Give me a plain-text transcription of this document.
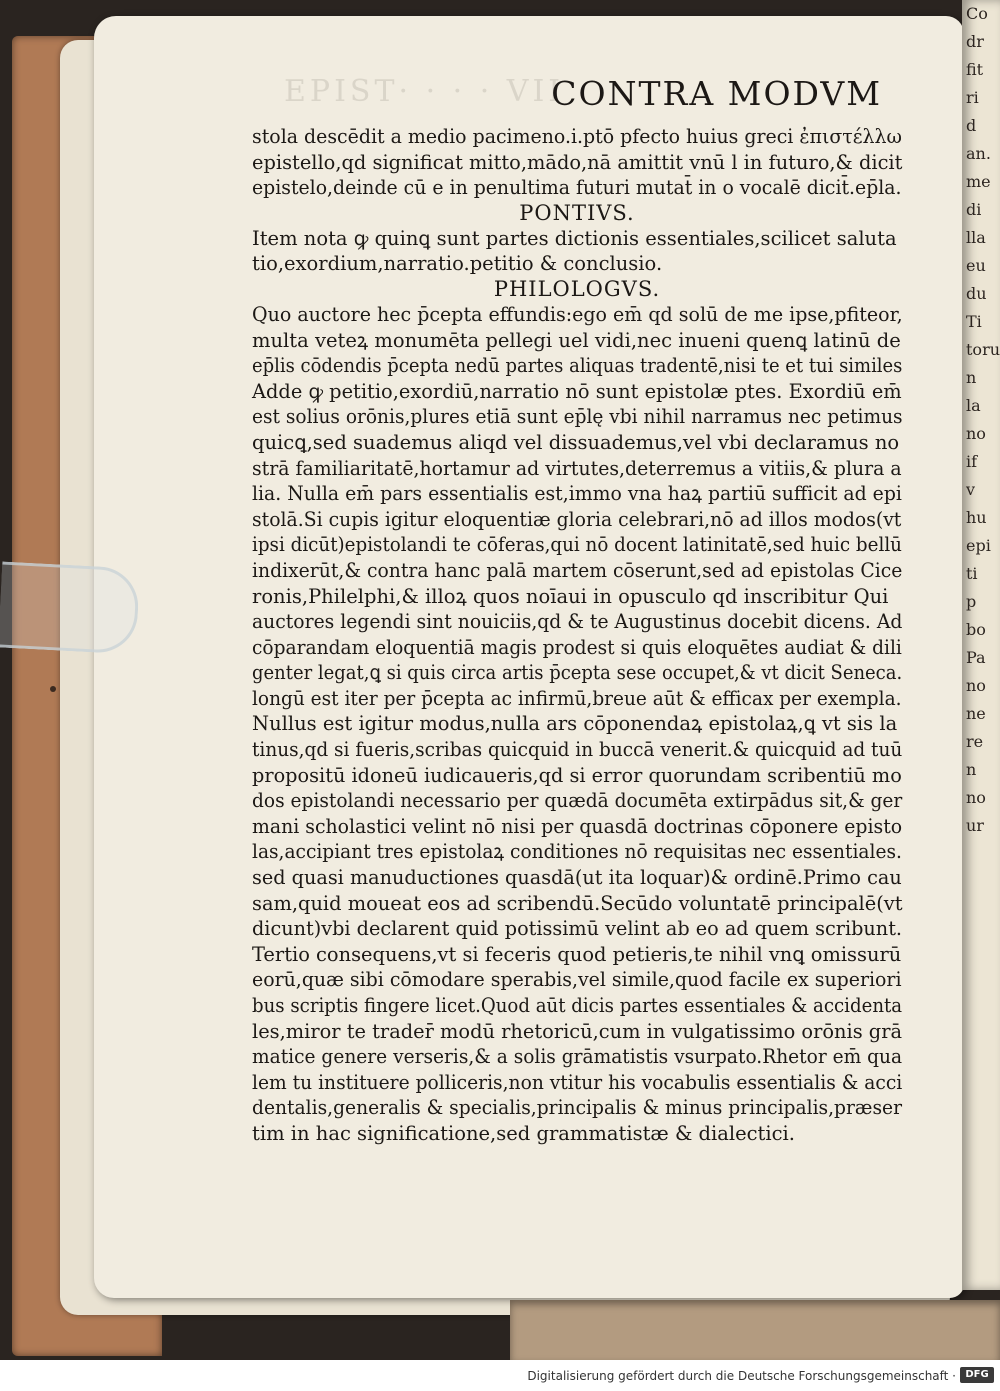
EPIST· · · · VII
Co
dr
fit
ri
d
an.
me
di
lla
eu
du
Ti
toru
n
la
no
if
v
hu
epi
ti
p
bo
Pa
no
ne
re
n
no
ur
CONTRA MODVM
stola descēdit a medio pacimeno.i.ptō pfecto huius greci ἐπιστέλλω
epistello,qd significat mitto,mādo,nā amittit vnū l in futuro,& dicit
epistelo,deinde cū e in penultima futuri mutat̄ in o vocalē dicit̄.ep̄la.
PONTIVS.
Item nota ꝙ quinꝗ sunt partes dictionis essentiales,scilicet saluta
tio,exordium,narratio.petitio & conclusio.
PHILOLOGVS.
Quo auctore hec p̄cepta effundis:ego em̄ qd solū de me ipse,pfiteor,
multa veteꝝ monumēta pellegi uel vidi,nec inueni quenꝗ latinū de
ep̄lis cōdendis p̄cepta nedū partes aliquas tradentē,nisi te et tui similes
Adde ꝙ petitio,exordiū,narratio nō sunt epistolæ ptes. Exordiū em̄
est solius orōnis,plures etiā sunt ep̄lę vbi nihil narramus nec petimus
quicꝗ,sed suademus aliqd vel dissuademus,vel vbi declaramus no
strā familiaritatē,hortamur ad virtutes,deterremus a vitiis,& plura a
lia. Nulla em̄ pars essentialis est,immo vna haꝝ partiū sufficit ad epi
stolā.Si cupis igitur eloquentiæ gloria celebrari,nō ad illos modos(vt
ipsi dicūt)epistolandi te cōferas,qui nō docent latinitatē,sed huic bellū
indixerūt,& contra hanc palā martem cōserunt,sed ad epistolas Cice
ronis,Philelphi,& illoꝝ quos noīaui in opusculo qd inscribitur Qui
auctores legendi sint nouiciis,qd & te Augustinus docebit dicens. Ad
cōparandam eloquentiā magis prodest si quis eloquētes audiat & dili
genter legat,ꝗ si quis circa artis p̄cepta sese occupet,& vt dicit Seneca.
longū est iter per p̄cepta ac infirmū,breue aūt & efficax per exempla.
Nullus est igitur modus,nulla ars cōponendaꝝ epistolaꝝ,ꝗ vt sis la
tinus,qd si fueris,scribas quicquid in buccā venerit.& quicquid ad tuū
propositū idoneū iudicaueris,qd si error quorundam scribentiū mo
dos epistolandi necessario per quædā documēta extirpādus sit,& ger
mani scholastici velint nō nisi per quasdā doctrinas cōponere episto
las,accipiant tres epistolaꝝ conditiones nō requisitas nec essentiales.
sed quasi manuductiones quasdā(ut ita loquar)& ordinē.Primo cau
sam,quid moueat eos ad scribendū.Secūdo voluntatē principalē(vt
dicunt)vbi declarent quid potissimū velint ab eo ad quem scribunt.
Tertio consequens,vt si feceris quod petieris,te nihil vnꝗ omissurū
eorū,quæ sibi cōmodare sperabis,vel simile,quod facile ex superiori
bus scriptis fingere licet.Quod aūt dicis partes essentiales & accidenta
les,miror te trader̄ modū rhetoricū,cum in vulgatissimo orōnis grā
matice genere verseris,& a solis grāmatistis vsurpato.Rhetor em̄ qua
lem tu instituere polliceris,non vtitur his vocabulis essentialis & acci
dentalis,generalis & specialis,principalis & minus principalis,præser
tim in hac significatione,sed grammatistæ & dialectici.
Digitalisierung gefördert durch die Deutsche Forschungsgemeinschaft · DFG
